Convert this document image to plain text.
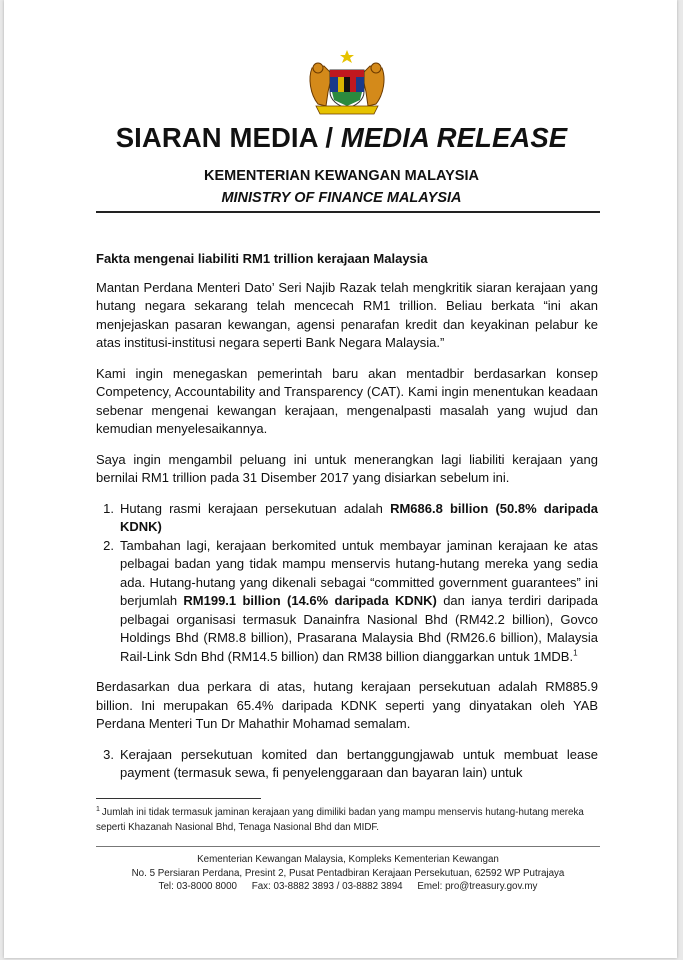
SIARAN MEDIA / MEDIA RELEASE
KEMENTERIAN KEWANGAN MALAYSIA
MINISTRY OF FINANCE MALAYSIA

Fakta mengenai liabiliti RM1 trillion kerajaan Malaysia

Mantan Perdana Menteri Dato’ Seri Najib Razak telah mengkritik siaran kerajaan yang hutang negara sekarang telah mencecah RM1 trillion. Beliau berkata “ini akan menjejaskan pasaran kewangan, agensi penarafan kredit dan keyakinan pelabur ke atas institusi-institusi negara seperti Bank Negara Malaysia.”

Kami ingin menegaskan pemerintah baru akan mentadbir berdasarkan konsep Competency, Accountability and Transparency (CAT). Kami ingin menentukan keadaan sebenar mengenai kewangan kerajaan, mengenalpasti masalah yang wujud dan kemudian menyelesaikannya.

Saya ingin mengambil peluang ini untuk menerangkan lagi liabiliti kerajaan yang bernilai RM1 trillion pada 31 Disember 2017 yang disiarkan sebelum ini.

1. Hutang rasmi kerajaan persekutuan adalah RM686.8 billion (50.8% daripada KDNK)
2. Tambahan lagi, kerajaan berkomited untuk membayar jaminan kerajaan ke atas pelbagai badan yang tidak mampu menservis hutang-hutang mereka yang sedia ada. Hutang-hutang yang dikenali sebagai “committed government guarantees” ini berjumlah RM199.1 billion (14.6% daripada KDNK) dan ianya terdiri daripada pelbagai organisasi termasuk Danainfra Nasional Bhd (RM42.2 billion), Govco Holdings Bhd (RM8.8 billion), Prasarana Malaysia Bhd (RM26.6 billion), Malaysia Rail-Link Sdn Bhd (RM14.5 billion) dan RM38 billion dianggarkan untuk 1MDB.$^1$

Berdasarkan dua perkara di atas, hutang kerajaan persekutuan adalah RM885.9 billion. Ini merupakan 65.4% daripada KDNK seperti yang dinyatakan oleh YAB Perdana Menteri Tun Dr Mahathir Mohamad semalam.

3. Kerajaan persekutuan komited dan bertanggungjawab untuk membuat lease payment (termasuk sewa, fi penyelenggaraan dan bayaran lain) untuk
$^1$ Jumlah ini tidak termasuk jaminan kerajaan yang dimiliki badan yang mampu menservis hutang-hutang mereka seperti Khazanah Nasional Bhd, Tenaga Nasional Bhd dan MIDF.
Kementerian Kewangan Malaysia, Kompleks Kementerian Kewangan
No. 5 Persiaran Perdana, Presint 2, Pusat Pentadbiran Kerajaan Persekutuan, 62592 WP Putrajaya
Tel: 03-8000 8000 Fax: 03-8882 3893 / 03-8882 3894 Emel: pro@treasury.gov.my
